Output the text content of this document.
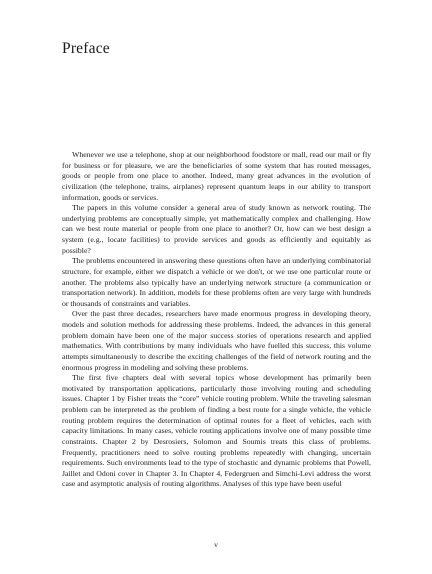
Preface

Whenever we use a telephone, shop at our neighborhood foodstore or mall, read our mail or fly for business or for pleasure, we are the beneficiaries of some system that has routed messages, goods or people from one place to another. Indeed, many great advances in the evolution of civilization (the telephone, trains, airplanes) represent quantum leaps in our ability to transport information, goods or services.

The papers in this volume consider a general area of study known as network routing. The underlying problems are conceptually simple, yet mathematically complex and challenging. How can we best route material or people from one place to another? Or, how can we best design a system (e.g., locate facilities) to provide services and goods as efficiently and equitably as possible?

The problems encountered in answering these questions often have an underlying combinatorial structure, for example, either we dispatch a vehicle or we don't, or we use one particular route or another. The problems also typically have an underlying network structure (a communication or transportation network). In addition, models for these problems often are very large with hundreds or thousands of constraints and variables.

Over the past three decades, researchers have made enormous progress in developing theory, models and solution methods for addressing these problems. Indeed, the advances in this general problem domain have been one of the major success stories of operations research and applied mathematics. With contributions by many individuals who have fuelled this success, this volume attempts simultaneously to describe the exciting challenges of the field of network routing and the enormous progress in modeling and solving these problems.

The first five chapters deal with several topics whose development has primarily been motivated by transportation applications, particularly those involving routing and scheduling issues. Chapter 1 by Fisher treats the “core” vehicle routing problem. While the traveling salesman problem can be interpreted as the problem of finding a best route for a single vehicle, the vehicle routing problem requires the determination of optimal routes for a fleet of vehicles, each with capacity limitations. In many cases, vehicle routing applications involve one of many possible time constraints. Chapter 2 by Desrosiers, Solomon and Soumis treats this class of problems. Frequently, practitioners need to solve routing problems repeatedly with changing, uncertain requirements. Such environments lead to the type of stochastic and dynamic problems that Powell, Jaillet and Odoni cover in Chapter 3. In Chapter 4, Federgruen and Simchi-Levi address the worst case and asymptotic analysis of routing algorithms. Analyses of this type have been useful

v
